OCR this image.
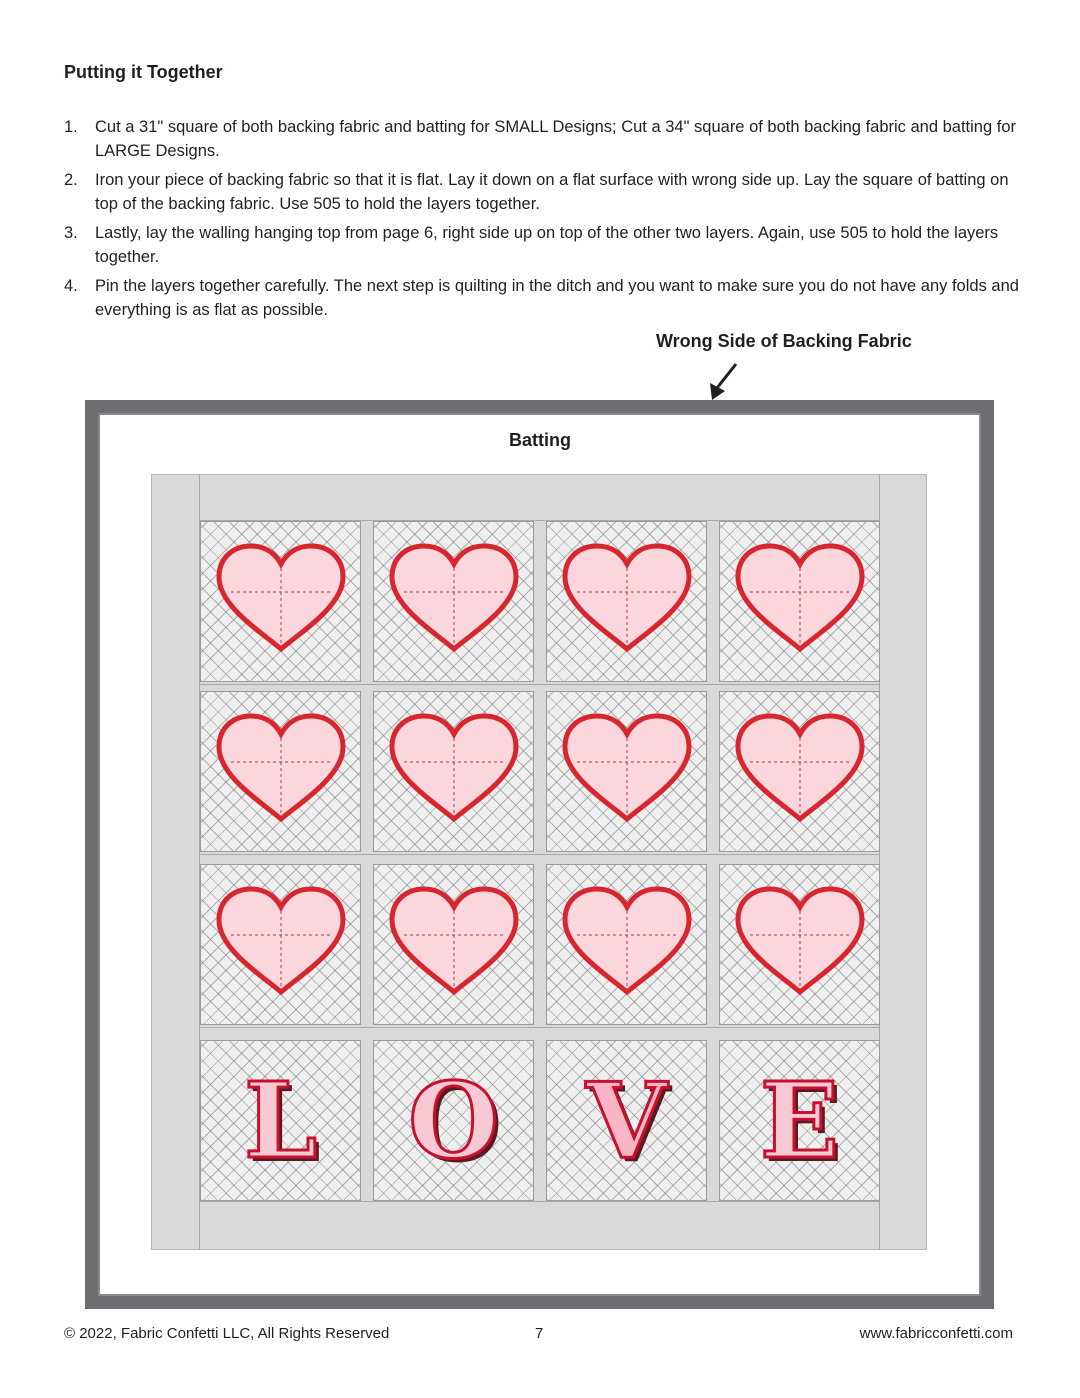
Putting it Together
1. Cut a 31" square of both backing fabric and batting for SMALL Designs; Cut a 34" square of both backing fabric and batting for LARGE Designs.
2. Iron your piece of backing fabric so that it is flat. Lay it down on a flat surface with wrong side up. Lay the square of batting on top of the backing fabric. Use 505 to hold the layers together.
3. Lastly, lay the walling hanging top from page 6, right side up on top of the other two layers. Again, use 505 to hold the layers together.
4. Pin the layers together carefully. The next step is quilting in the ditch and you want to make sure you do not have any folds and everything is as flat as possible.
Wrong Side of Backing Fabric
Batting
L O V E
© 2022, Fabric Confetti LLC, All Rights Reserved	7	www.fabricconfetti.com
